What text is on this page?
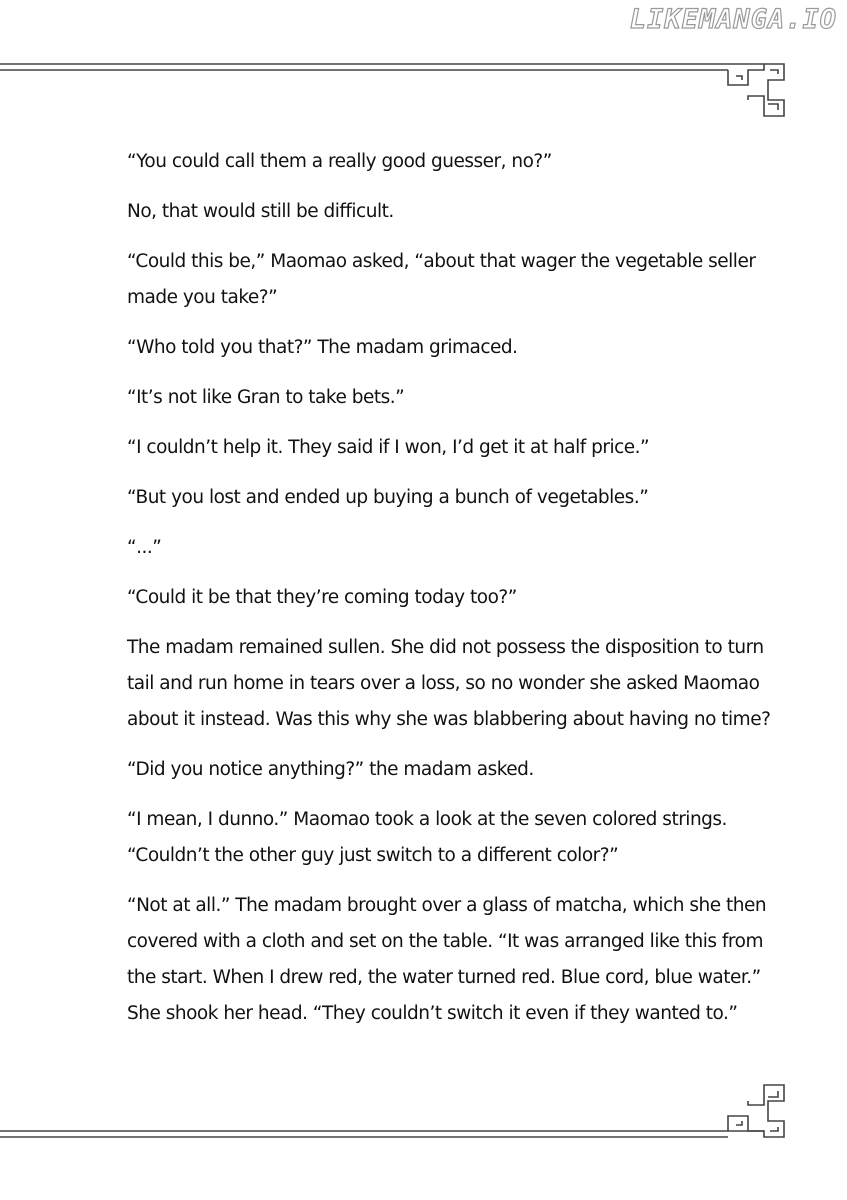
LIKEMANGA.IO

“You could call them a really good guesser, no?”

No, that would still be difficult.

“Could this be,” Maomao asked, “about that wager the vegetable seller made you take?”

“Who told you that?” The madam grimaced.

“It’s not like Gran to take bets.”

“I couldn’t help it. They said if I won, I’d get it at half price.”

“But you lost and ended up buying a bunch of vegetables.”

“...”

“Could it be that they’re coming today too?”

The madam remained sullen. She did not possess the disposition to turn tail and run home in tears over a loss, so no wonder she asked Maomao about it instead. Was this why she was blabbering about having no time?

“Did you notice anything?” the madam asked.

“I mean, I dunno.” Maomao took a look at the seven colored strings. “Couldn’t the other guy just switch to a different color?”

“Not at all.” The madam brought over a glass of matcha, which she then covered with a cloth and set on the table. “It was arranged like this from the start. When I drew red, the water turned red. Blue cord, blue water.” She shook her head. “They couldn’t switch it even if they wanted to.”
